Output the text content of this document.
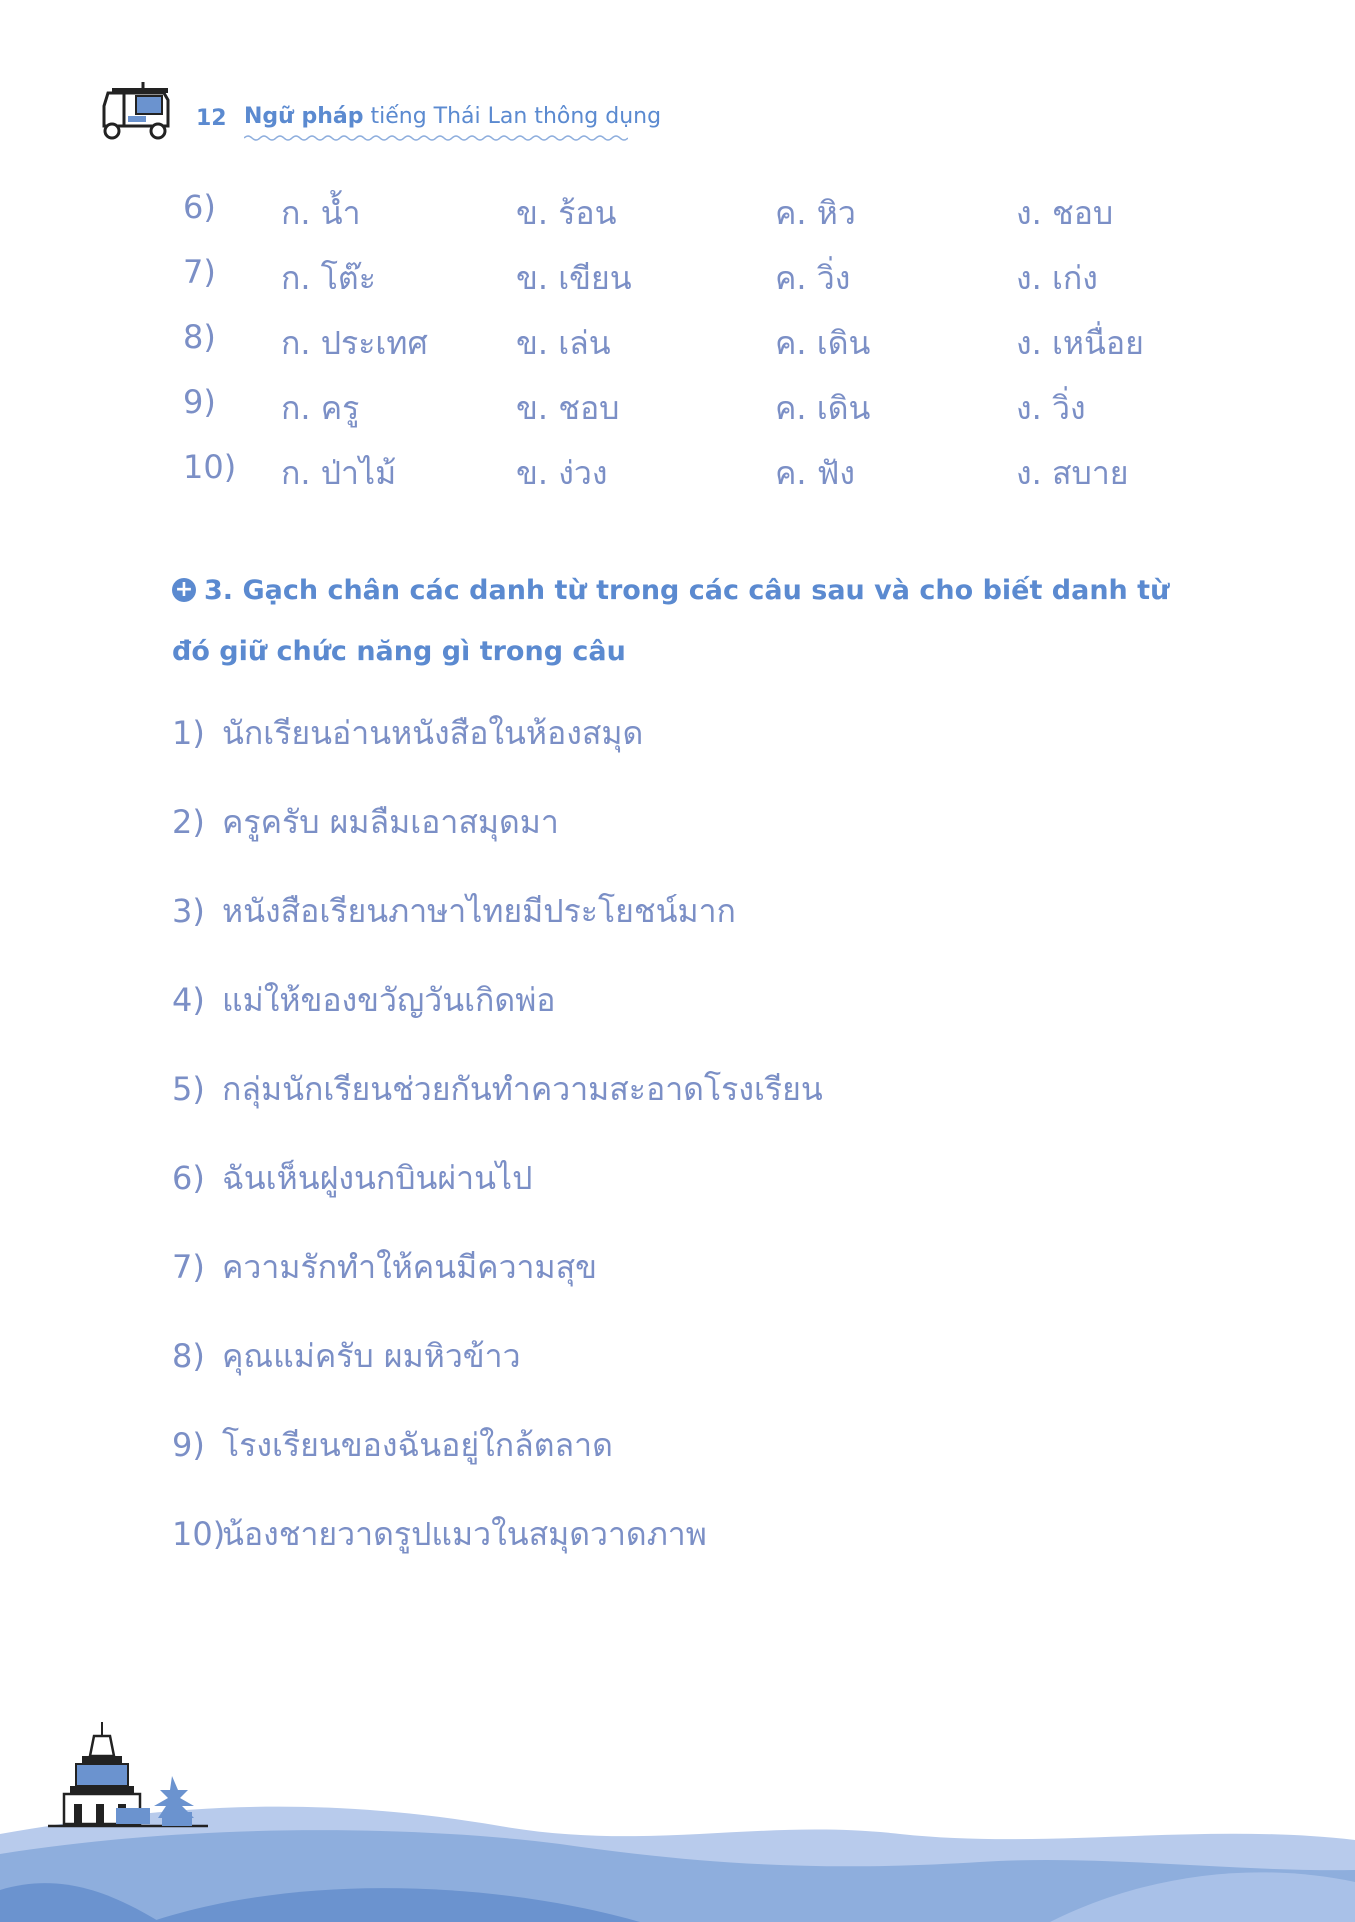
12 Ngữ pháp tiếng Thái Lan thông dụng
6) ก. น้ำ	ข. ร้อน	ค. หิว	ง. ชอบ
7) ก. โต๊ะ	ข. เขียน	ค. วิ่ง	ง. เก่ง
8) ก. ประเทศ	ข. เล่น	ค. เดิน	ง. เหนื่อย
9) ก. ครู	ข. ชอบ	ค. เดิน	ง. วิ่ง
10) ก. ป่าไม้	ข. ง่วง	ค. ฟัง	ง. สบาย
+ 3. Gạch chân các danh từ trong các câu sau và cho biết danh từ đó giữ chức năng gì trong câu
1) นักเรียนอ่านหนังสือในห้องสมุด
2) ครูครับ ผมลืมเอาสมุดมา
3) หนังสือเรียนภาษาไทยมีประโยชน์มาก
4) แม่ให้ของขวัญวันเกิดพ่อ
5) กลุ่มนักเรียนช่วยกันทำความสะอาดโรงเรียน
6) ฉันเห็นฝูงนกบินผ่านไป
7) ความรักทำให้คนมีความสุข
8) คุณแม่ครับ ผมหิวข้าว
9) โรงเรียนของฉันอยู่ใกล้ตลาด
10)น้องชายวาดรูปแมวในสมุดวาดภาพ
